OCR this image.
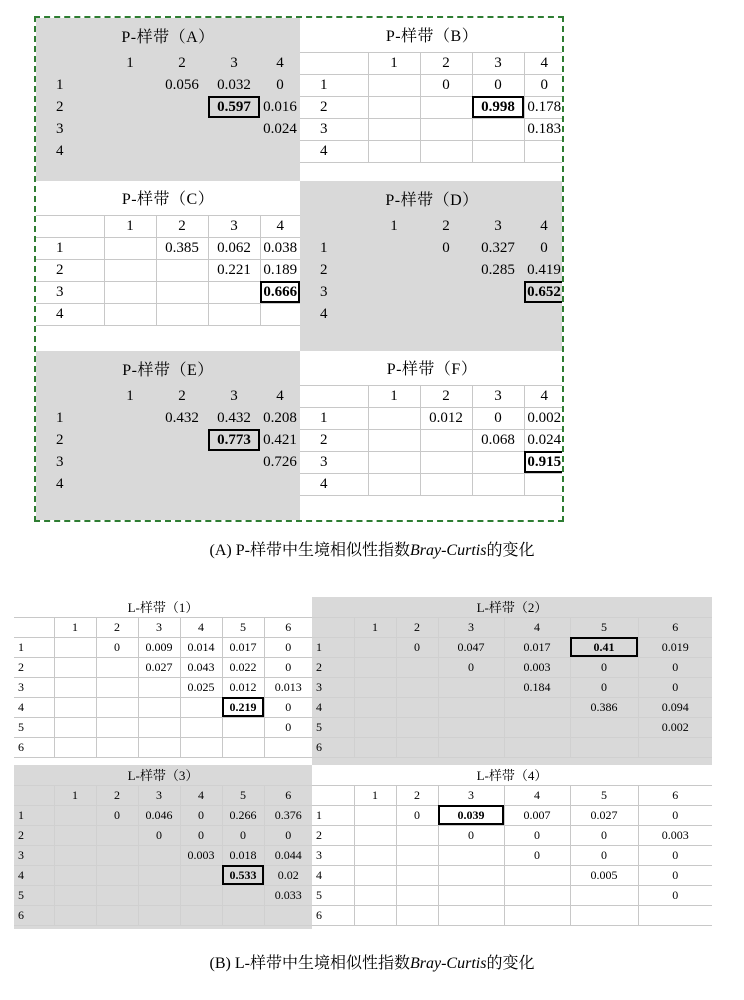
P-样带（A）				
	1	2	3	4
1		0.056	0.032	0
2			0.597	0.016
3				0.024
4				
P-样带（B）				
	1	2	3	4
1		0	0	0
2			0.998	0.178
3				0.183
4				
P-样带（C）				
	1	2	3	4
1		0.385	0.062	0.038
2			0.221	0.189
3				0.666
4				
P-样带（D）				
	1	2	3	4
1		0	0.327	0
2			0.285	0.419
3				0.652
4				
P-样带（E）				
	1	2	3	4
1		0.432	0.432	0.208
2			0.773	0.421
3				0.726
4				
P-样带（F）				
	1	2	3	4
1		0.012	0	0.002
2			0.068	0.024
3				0.915
4				
(A) P-样带中生境相似性指数Bray-Curtis的变化
L-样带（1）						
	1	2	3	4	5	6
1		0	0.009	0.014	0.017	0
2			0.027	0.043	0.022	0
3				0.025	0.012	0.013
4					0.219	0
5						0
6						
L-样带（2）						
	1	2	3	4	5	6
1		0	0.047	0.017	0.41	0.019
2			0	0.003	0	0
3				0.184	0	0
4					0.386	0.094
5						0.002
6						
L-样带（3）						
	1	2	3	4	5	6
1		0	0.046	0	0.266	0.376
2			0	0	0	0
3				0.003	0.018	0.044
4					0.533	0.02
5						0.033
6						
L-样带（4）						
	1	2	3	4	5	6
1		0	0.039	0.007	0.027	0
2			0	0	0	0.003
3				0	0	0
4					0.005	0
5						0
6						
(B) L-样带中生境相似性指数Bray-Curtis的变化
